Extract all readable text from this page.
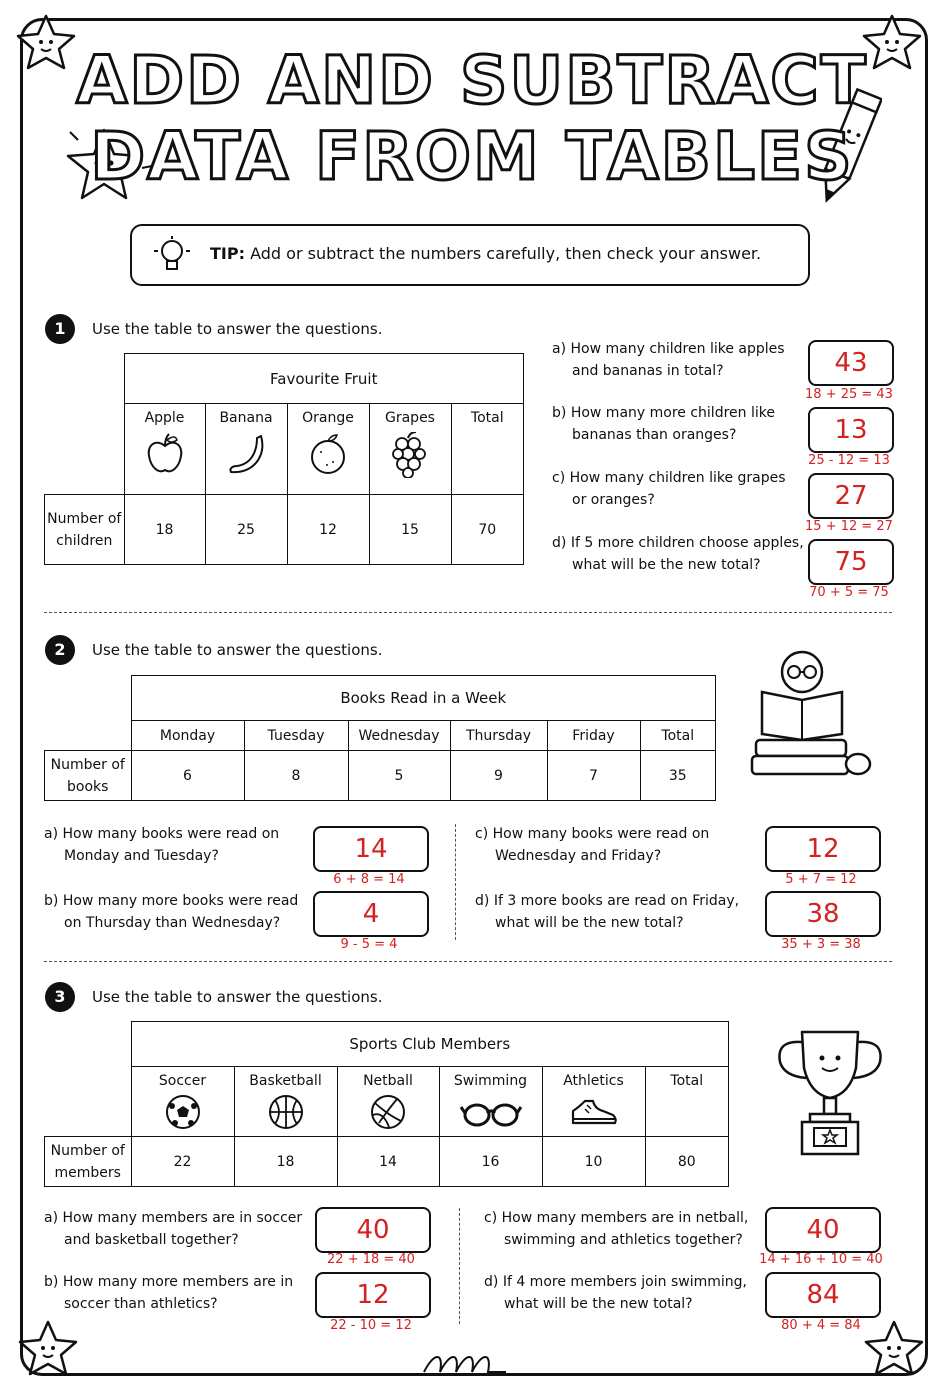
ADD AND SUBTRACT
DATA FROM TABLES
TIP: Add or subtract the numbers carefully, then check your answer.
1	Use the table to answer the questions.
	Favourite Fruit				

	Apple	Banana	Orange	Grapes	Total

Number of
children	18	25	12	15	70
a) How many children like apples
and bananas in total?	43
18 + 25 = 43
b) How many more children like
bananas than oranges?	13
25 - 12 = 13
c) How many children like grapes
or oranges?	27
15 + 12 = 27
d) If 5 more children choose apples,
what will be the new total?	75
70 + 5 = 75
2	Use the table to answer the questions.
	Books Read in a Week					
	Monday	Tuesday	Wednesday	Thursday	Friday	Total

Number of
books	6	8	5	9	7	35
a) How many books were read on
Monday and Tuesday?	14
6 + 8 = 14
b) How many more books were read
on Thursday than Wednesday?	4
9 - 5 = 4
c) How many books were read on
Wednesday and Friday?	12
5 + 7 = 12
d) If 3 more books are read on Friday,
what will be the new total?	38
35 + 3 = 38
3	Use the table to answer the questions.
	Sports Club Members					

	Soccer	Basketball	Netball	Swimming	Athletics	Total

Number of
members	22	18	14	16	10	80
a) How many members are in soccer
and basketball together?	40
22 + 18 = 40
b) How many more members are in
soccer than athletics?	12
22 - 10 = 12
c) How many members are in netball,
swimming and athletics together?	40
14 + 16 + 10 = 40
d) If 4 more members join swimming,
what will be the new total?	84
80 + 4 = 84
